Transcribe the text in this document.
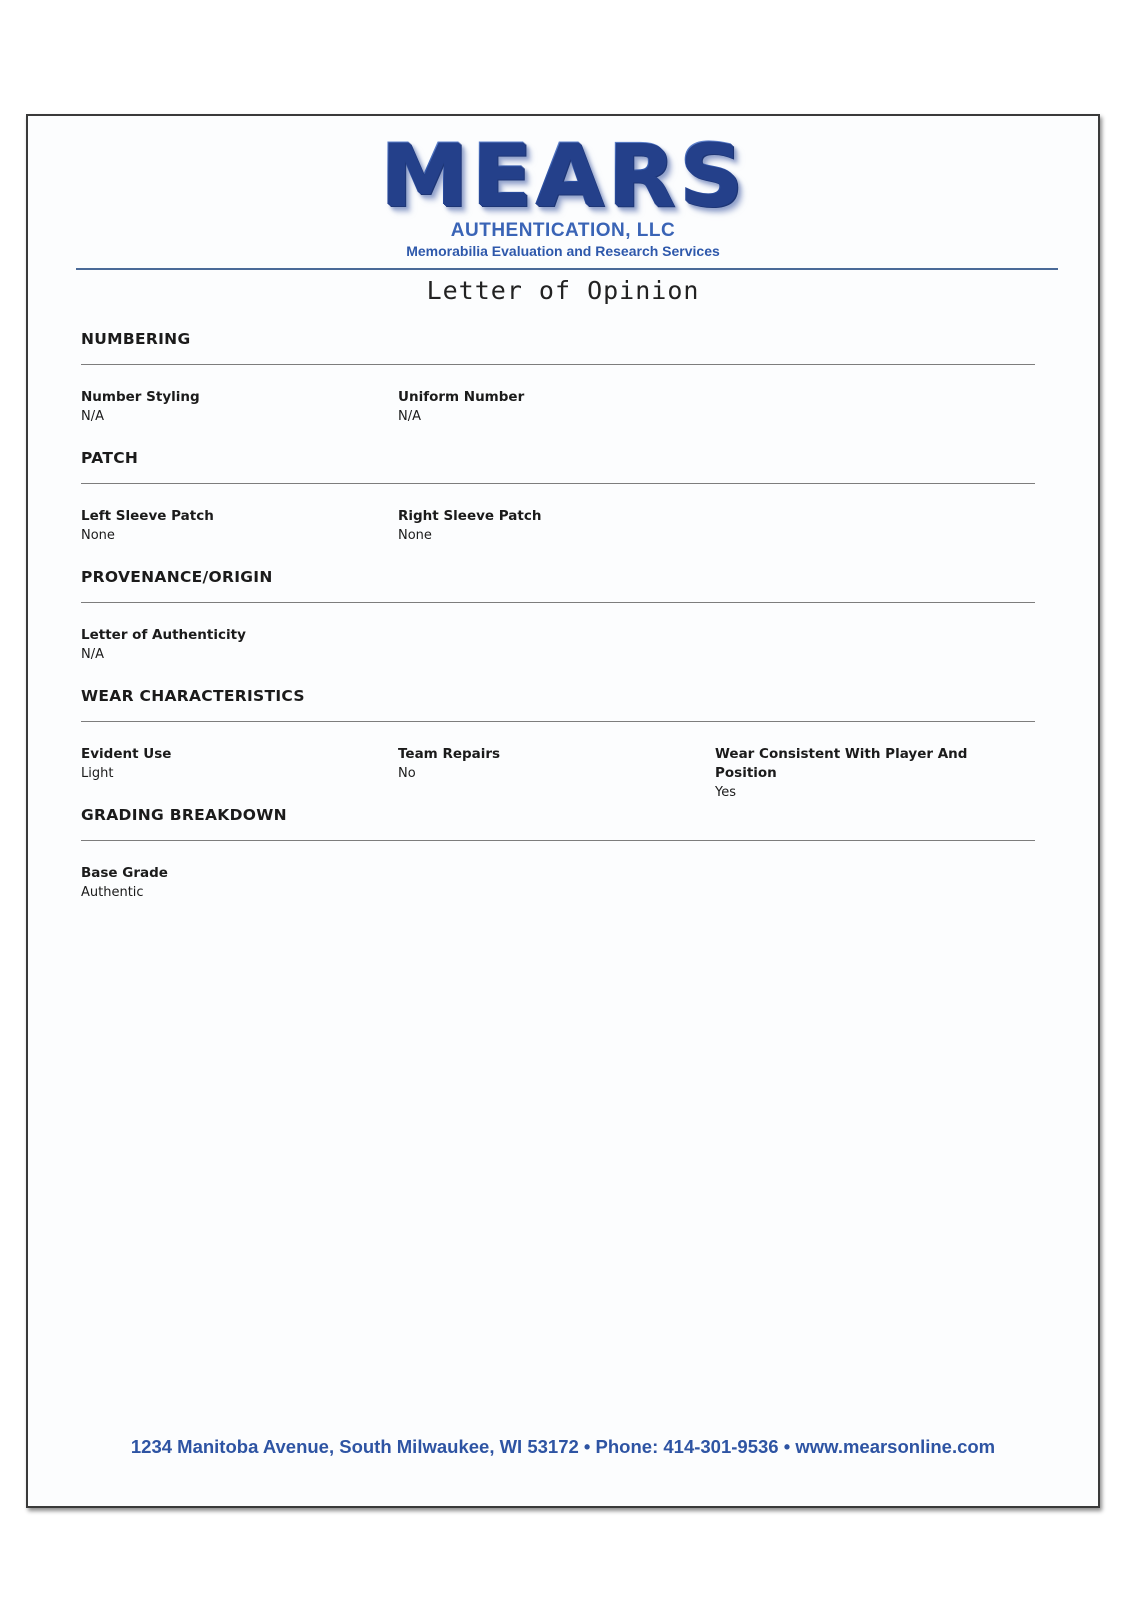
MEARS
AUTHENTICATION, LLC
Memorabilia Evaluation and Research Services
Letter of Opinion
NUMBERING
Number Styling
N/A
Uniform Number
N/A
PATCH
Left Sleeve Patch
None
Right Sleeve Patch
None
PROVENANCE/ORIGIN
Letter of Authenticity
N/A
WEAR CHARACTERISTICS
Evident Use
Light
Team Repairs
No
Wear Consistent With Player And Position
Yes
GRADING BREAKDOWN
Base Grade
Authentic
1234 Manitoba Avenue, South Milwaukee, WI 53172 • Phone: 414-301-9536 • www.mearsonline.com
